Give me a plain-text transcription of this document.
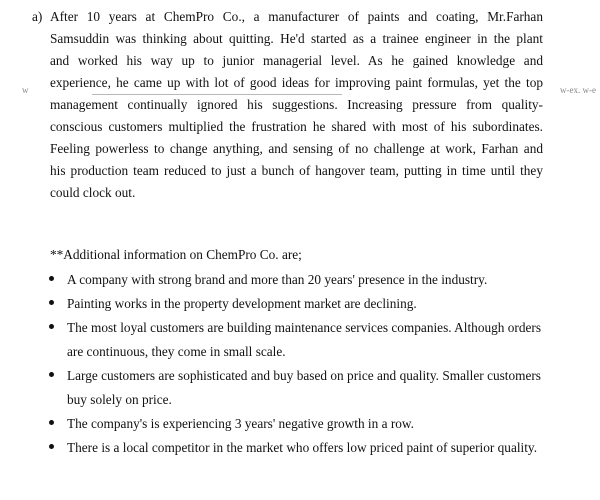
a) After 10 years at ChemPro Co., a manufacturer of paints and coating, Mr.Farhan
Samsuddin was thinking about quitting. He'd started as a trainee engineer in the plant
and worked his way up to junior managerial level. As he gained knowledge and
experience, he came up with lot of good ideas for improving paint formulas, yet the top
management continually ignored his suggestions. Increasing pressure from quality-
conscious customers multiplied the frustration he shared with most of his subordinates.
Feeling powerless to change anything, and sensing of no challenge at work, Farhan and
his production team reduced to just a bunch of hangover team, putting in time until they
could clock out.
w	w-ex. w-e
**Additional information on ChemPro Co. are;
A company with strong brand and more than 20 years' presence in the industry.
Painting works in the property development market are declining.
The most loyal customers are building maintenance services companies. Although orders are continuous, they come in small scale.
Large customers are sophisticated and buy based on price and quality. Smaller customers buy solely on price.
The company's is experiencing 3 years' negative growth in a row.
There is a local competitor in the market who offers low priced paint of superior quality.
